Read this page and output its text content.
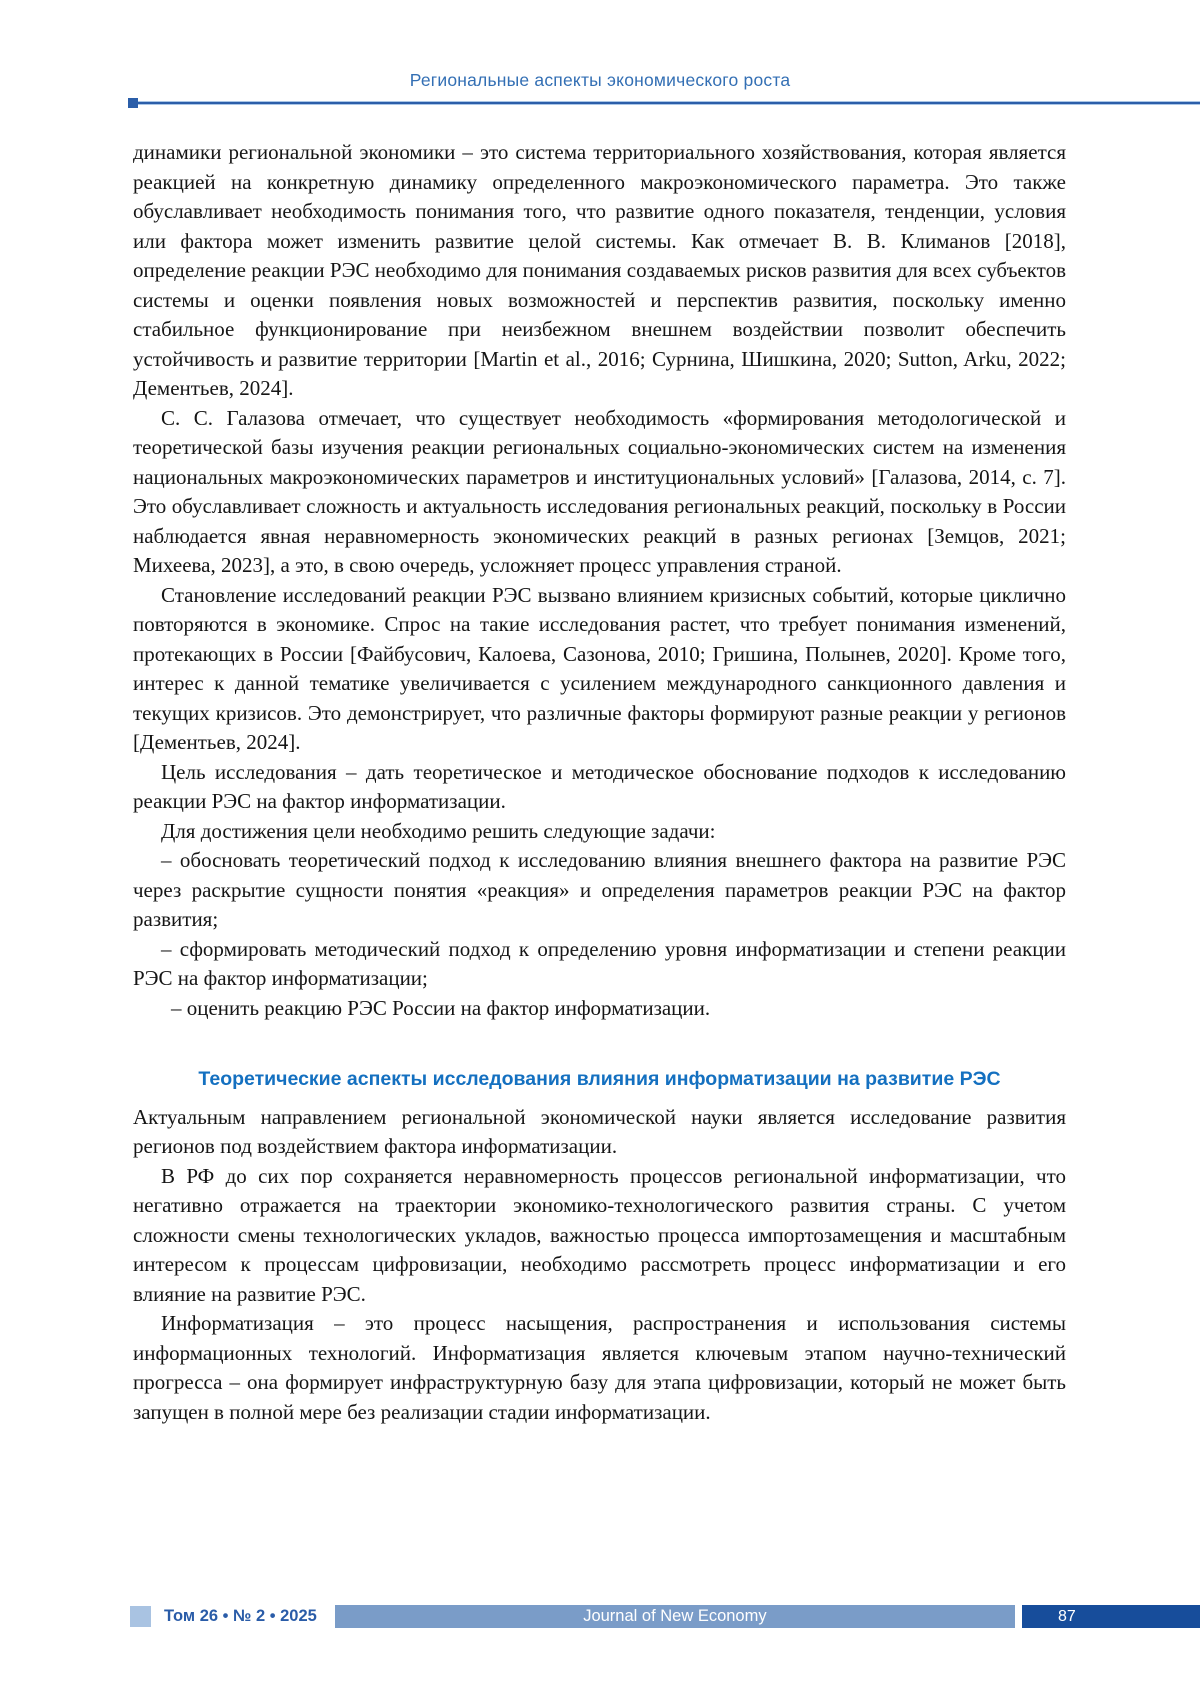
Региональные аспекты экономического роста

динамики региональной экономики – это система территориального хозяйствования, которая является реакцией на конкретную динамику определенного макроэкономического параметра. Это также обуславливает необходимость понимания того, что развитие одного показателя, тенденции, условия или фактора может изменить развитие целой системы. Как отмечает В. В. Климанов [2018], определение реакции РЭС необходимо для понимания создаваемых рисков развития для всех субъектов системы и оценки появления новых возможностей и перспектив развития, поскольку именно стабильное функционирование при неизбежном внешнем воздействии позволит обеспечить устойчивость и развитие территории [Martin et al., 2016; Сурнина, Шишкина, 2020; Sutton, Arku, 2022; Дементьев, 2024].

С. С. Галазова отмечает, что существует необходимость «формирования методологической и теоретической базы изучения реакции региональных социально-экономических систем на изменения национальных макроэкономических параметров и институциональных условий» [Галазова, 2014, с. 7]. Это обуславливает сложность и актуальность исследования региональных реакций, поскольку в России наблюдается явная неравномерность экономических реакций в разных регионах [Земцов, 2021; Михеева, 2023], а это, в свою очередь, усложняет процесс управления страной.

Становление исследований реакции РЭС вызвано влиянием кризисных событий, которые циклично повторяются в экономике. Спрос на такие исследования растет, что требует понимания изменений, протекающих в России [Файбусович, Калоева, Сазонова, 2010; Гришина, Полынев, 2020]. Кроме того, интерес к данной тематике увеличивается с усилением международного санкционного давления и текущих кризисов. Это демонстрирует, что различные факторы формируют разные реакции у регионов [Дементьев, 2024].

Цель исследования – дать теоретическое и методическое обоснование подходов к исследованию реакции РЭС на фактор информатизации.

Для достижения цели необходимо решить следующие задачи:

– обосновать теоретический подход к исследованию влияния внешнего фактора на развитие РЭС через раскрытие сущности понятия «реакция» и определения параметров реакции РЭС на фактор развития;

– сформировать методический подход к определению уровня информатизации и степени реакции РЭС на фактор информатизации;

– оценить реакцию РЭС России на фактор информатизации.

Теоретические аспекты исследования влияния информатизации на развитие РЭС

Актуальным направлением региональной экономической науки является исследование развития регионов под воздействием фактора информатизации.

В РФ до сих пор сохраняется неравномерность процессов региональной информатизации, что негативно отражается на траектории экономико-технологического развития страны. С учетом сложности смены технологических укладов, важностью процесса импортозамещения и масштабным интересом к процессам цифровизации, необходимо рассмотреть процесс информатизации и его влияние на развитие РЭС.

Информатизация – это процесс насыщения, распространения и использования системы информационных технологий. Информатизация является ключевым этапом научно-технический прогресса – она формирует инфраструктурную базу для этапа цифровизации, который не может быть запущен в полной мере без реализации стадии информатизации.

Том 26 • № 2 • 2025	Journal of New Economy	87
